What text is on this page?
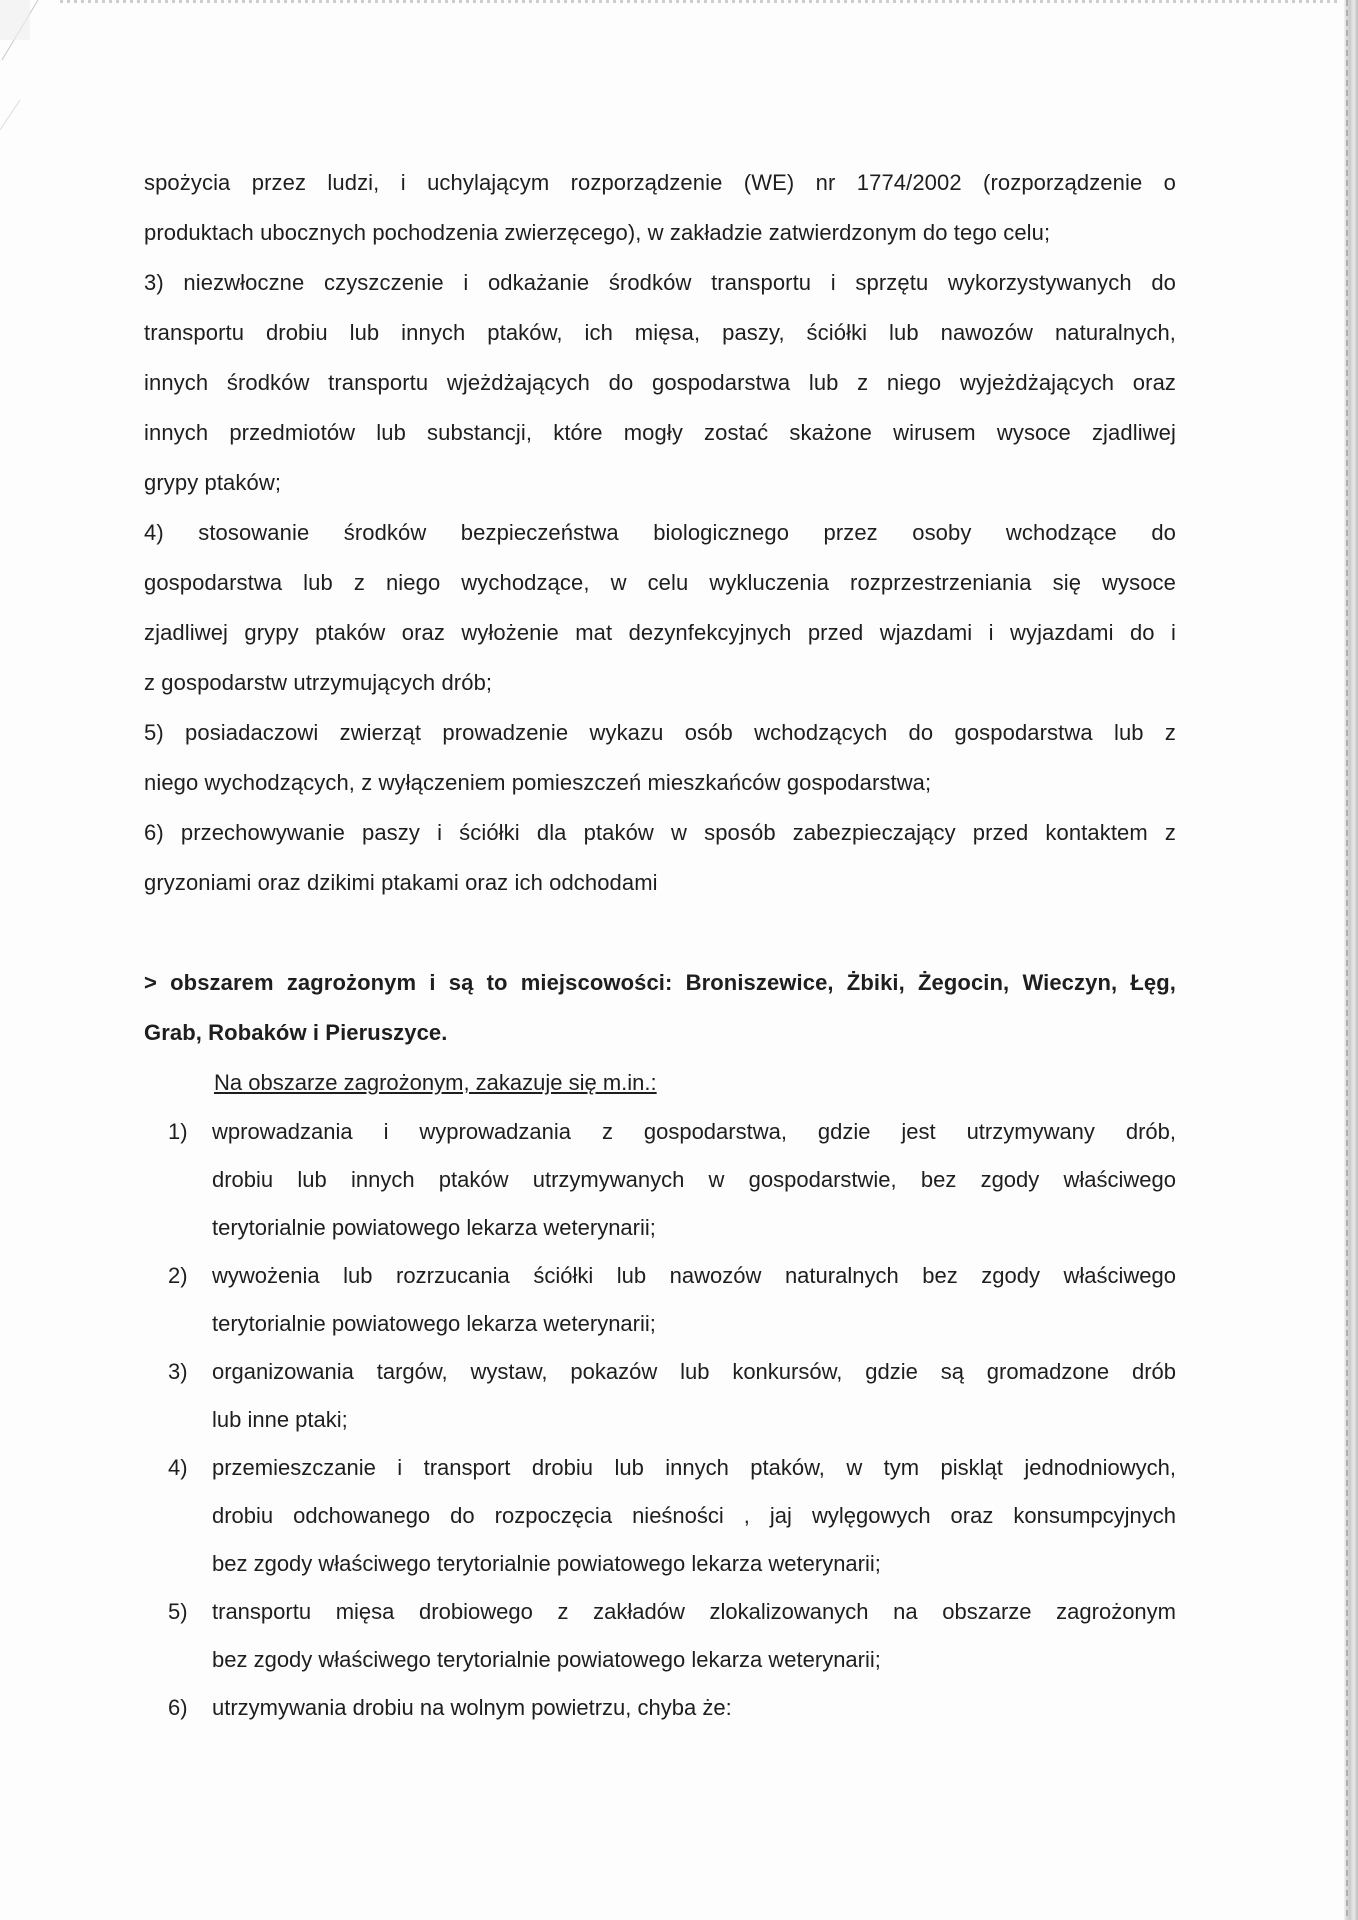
spożycia przez ludzi, i uchylającym rozporządzenie (WE) nr 1774/2002 (rozporządzenie o
produktach ubocznych pochodzenia zwierzęcego), w zakładzie zatwierdzonym do tego celu;
3) niezwłoczne czyszczenie i odkażanie środków transportu i sprzętu wykorzystywanych do
transportu drobiu lub innych ptaków, ich mięsa, paszy, ściółki lub nawozów naturalnych,
innych środków transportu wjeżdżających do gospodarstwa lub z niego wyjeżdżających oraz
innych przedmiotów lub substancji, które mogły zostać skażone wirusem wysoce zjadliwej
grypy ptaków;
4) stosowanie środków bezpieczeństwa biologicznego przez osoby wchodzące do
gospodarstwa lub z niego wychodzące, w celu wykluczenia rozprzestrzeniania się wysoce
zjadliwej grypy ptaków oraz wyłożenie mat dezynfekcyjnych przed wjazdami i wyjazdami do i
z gospodarstw utrzymujących drób;
5) posiadaczowi zwierząt prowadzenie wykazu osób wchodzących do gospodarstwa lub z
niego wychodzących, z wyłączeniem pomieszczeń mieszkańców gospodarstwa;
6) przechowywanie paszy i ściółki dla ptaków w sposób zabezpieczający przed kontaktem z
gryzoniami oraz dzikimi ptakami oraz ich odchodami
> obszarem zagrożonym i są to miejscowości: Broniszewice, Żbiki, Żegocin, Wieczyn, Łęg,
Grab, Robaków i Pieruszyce.
Na obszarze zagrożonym, zakazuje się m.in.:
1) wprowadzania i wyprowadzania z gospodarstwa, gdzie jest utrzymywany drób,
drobiu lub innych ptaków utrzymywanych w gospodarstwie, bez zgody właściwego
terytorialnie powiatowego lekarza weterynarii;
2) wywożenia lub rozrzucania ściółki lub nawozów naturalnych bez zgody właściwego
terytorialnie powiatowego lekarza weterynarii;
3) organizowania targów, wystaw, pokazów lub konkursów, gdzie są gromadzone drób
lub inne ptaki;
4) przemieszczanie i transport drobiu lub innych ptaków, w tym piskląt jednodniowych,
drobiu odchowanego do rozpoczęcia nieśności , jaj wylęgowych oraz konsumpcyjnych
bez zgody właściwego terytorialnie powiatowego lekarza weterynarii;
5) transportu mięsa drobiowego z zakładów zlokalizowanych na obszarze zagrożonym
bez zgody właściwego terytorialnie powiatowego lekarza weterynarii;
6) utrzymywania drobiu na wolnym powietrzu, chyba że:
